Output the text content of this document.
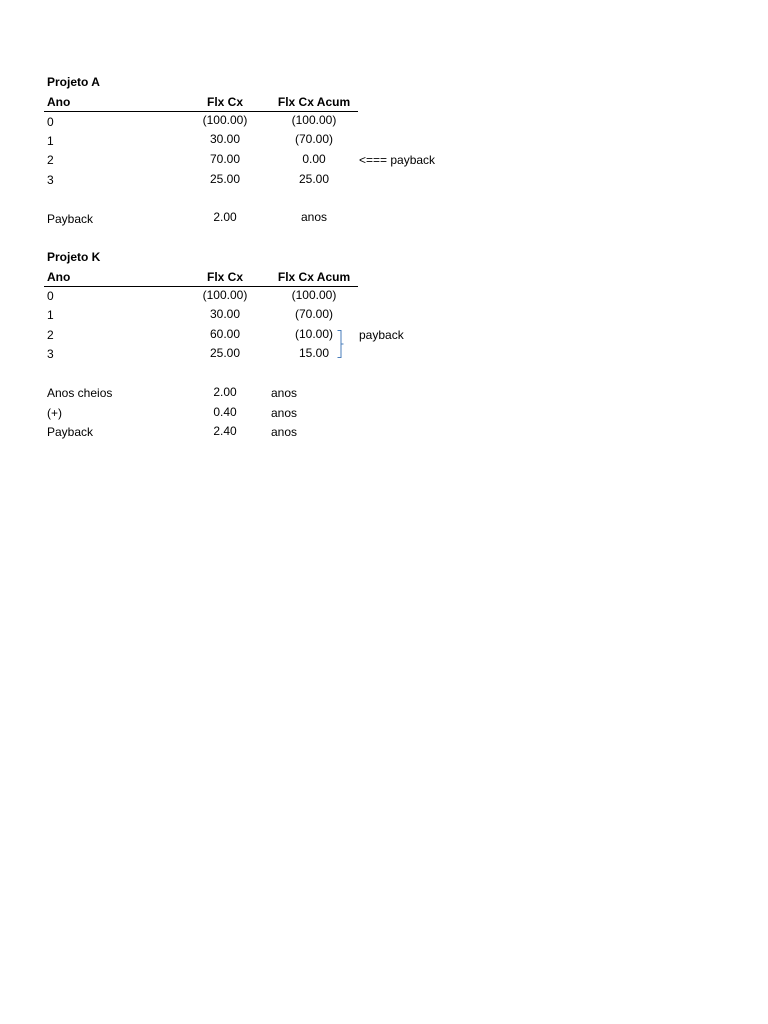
Projeto A
Ano	Flx Cx	Flx Cx Acum
0	(100.00)	(100.00)
1	30.00	(70.00)
2	70.00	0.00	<=== payback
3	25.00	25.00
Payback	2.00	anos
Projeto K
Ano	Flx Cx	Flx Cx Acum
0	(100.00)	(100.00)
1	30.00	(70.00)
2	60.00	(10.00)
3	25.00	15.00
payback
Anos cheios	2.00	anos
(+)	0.40	anos
Payback	2.40	anos
